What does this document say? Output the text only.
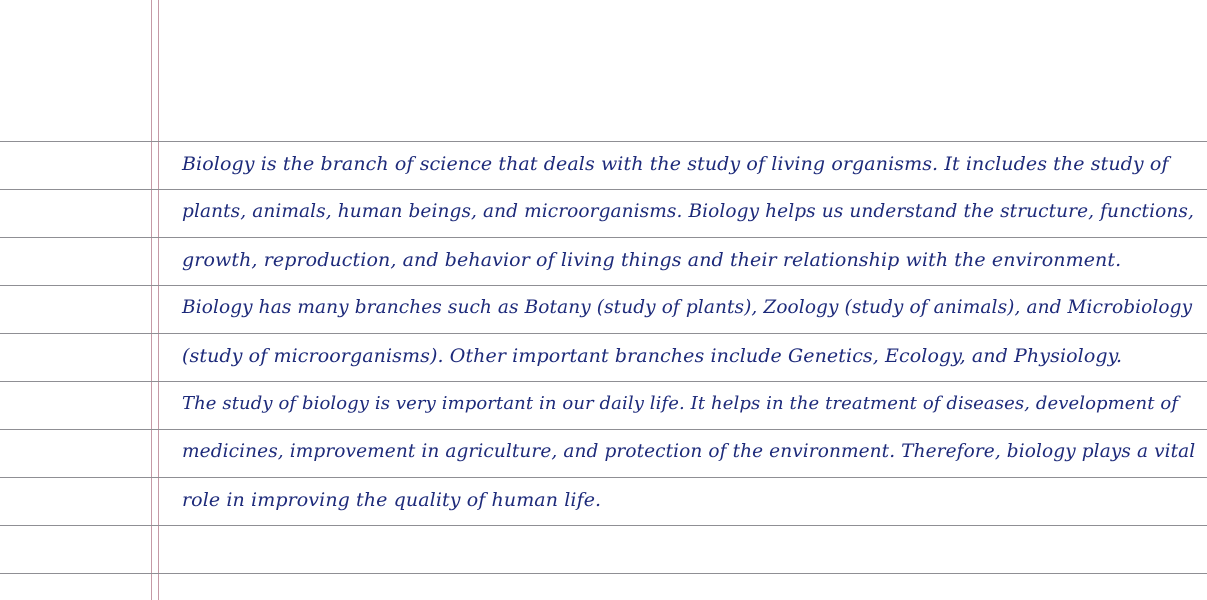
Biology is the branch of science that deals with the study of living organisms. It includes the study of
plants, animals, human beings, and microorganisms. Biology helps us understand the structure, functions,
growth, reproduction, and behavior of living things and their relationship with the environment.
Biology has many branches such as Botany (study of plants), Zoology (study of animals), and Microbiology
(study of microorganisms). Other important branches include Genetics, Ecology, and Physiology.
The study of biology is very important in our daily life. It helps in the treatment of diseases, development of
medicines, improvement in agriculture, and protection of the environment. Therefore, biology plays a vital
role in improving the quality of human life.
